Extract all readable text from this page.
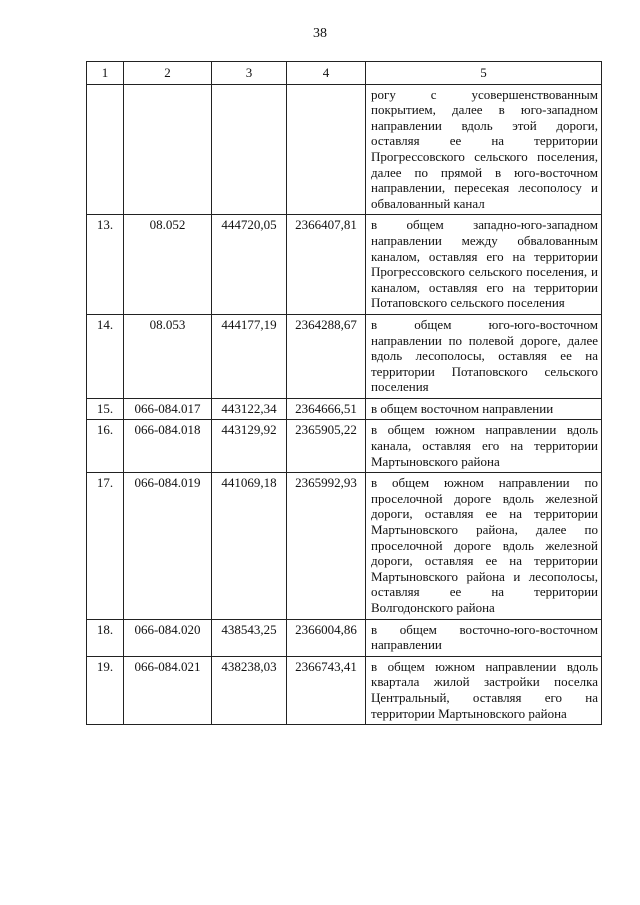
38
1	2	3	4	5
				рогу с усовершенствованным покрытием, далее в юго-западном направлении вдоль этой дороги, оставляя ее на территории Прогрессовского сельского поселения, далее по прямой в юго-восточном направлении, пересекая лесополосу и обвалованный канал
13.	08.052	444720,05	2366407,81	в общем западно-юго-западном направлении между обвалованным каналом, оставляя его на территории Прогрессовского сельского поселения, и каналом, оставляя его на территории Потаповского сельского поселения
14.	08.053	444177,19	2364288,67	в общем юго-юго-восточном направлении по полевой дороге, далее вдоль лесополосы, оставляя ее на территории Потаповского сельского поселения
15.	066-084.017	443122,34	2364666,51	в общем восточном направлении
16.	066-084.018	443129,92	2365905,22	в общем южном направлении вдоль канала, оставляя его на территории Мартыновского района
17.	066-084.019	441069,18	2365992,93	в общем южном направлении по проселочной дороге вдоль железной дороги, оставляя ее на территории Мартыновского района, далее по проселочной дороге вдоль железной дороги, оставляя ее на территории Мартыновского района и лесополосы, оставляя ее на территории Волгодонского района
18.	066-084.020	438543,25	2366004,86	в общем восточно-юго-восточном направлении
19.	066-084.021	438238,03	2366743,41	в общем южном направлении вдоль квартала жилой застройки поселка Центральный, оставляя его на территории Мартыновского района
